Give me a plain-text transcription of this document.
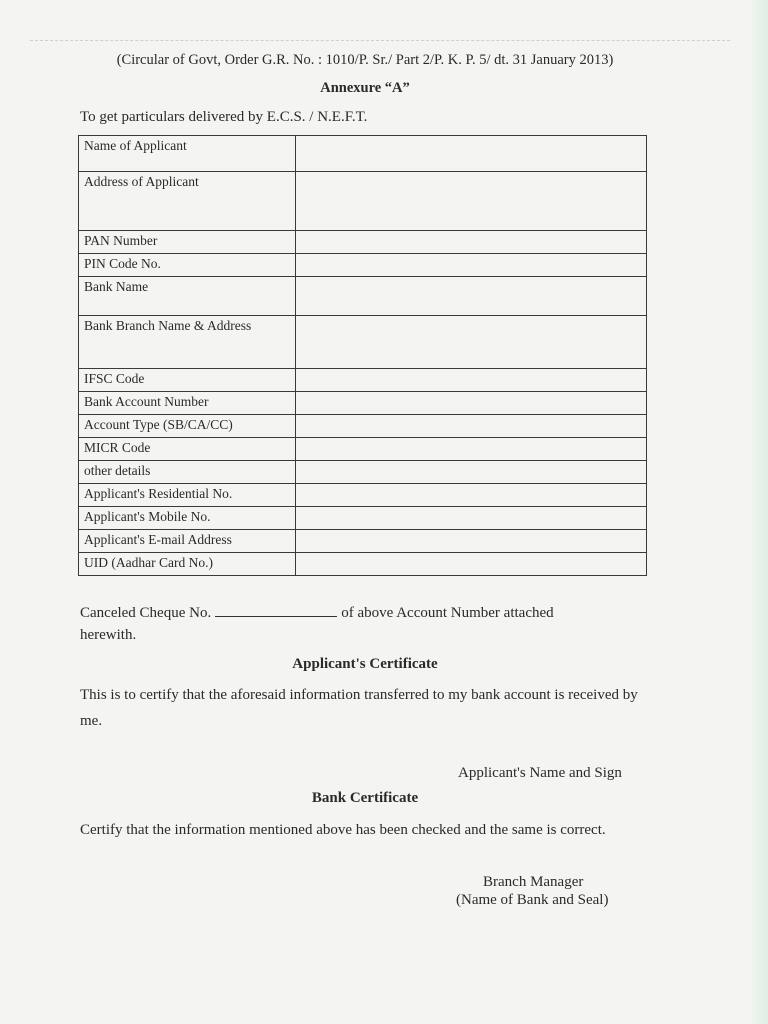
(Circular of Govt, Order G.R. No. : 1010/P. Sr./ Part 2/P. K. P. 5/ dt. 31 January 2013)
Annexure “A”
To get particulars delivered by E.C.S. / N.E.F.T.
Name of Applicant	
Address of Applicant	
PAN Number	
PIN Code No.	
Bank Name	
Bank Branch Name & Address	
IFSC Code	
Bank Account Number	
Account Type (SB/CA/CC)	
MICR Code	
other details	
Applicant's Residential No.	
Applicant's Mobile No.	
Applicant's E-mail Address	
UID (Aadhar Card No.)	
Canceled Cheque No.	of above Account Number attached
herewith.
Applicant's Certificate
This is to certify that the aforesaid information transferred to my bank account is received by me.
Applicant's Name and Sign
Bank Certificate
Certify that the information mentioned above has been checked and the same is correct.
Branch Manager
(Name of Bank and Seal)
